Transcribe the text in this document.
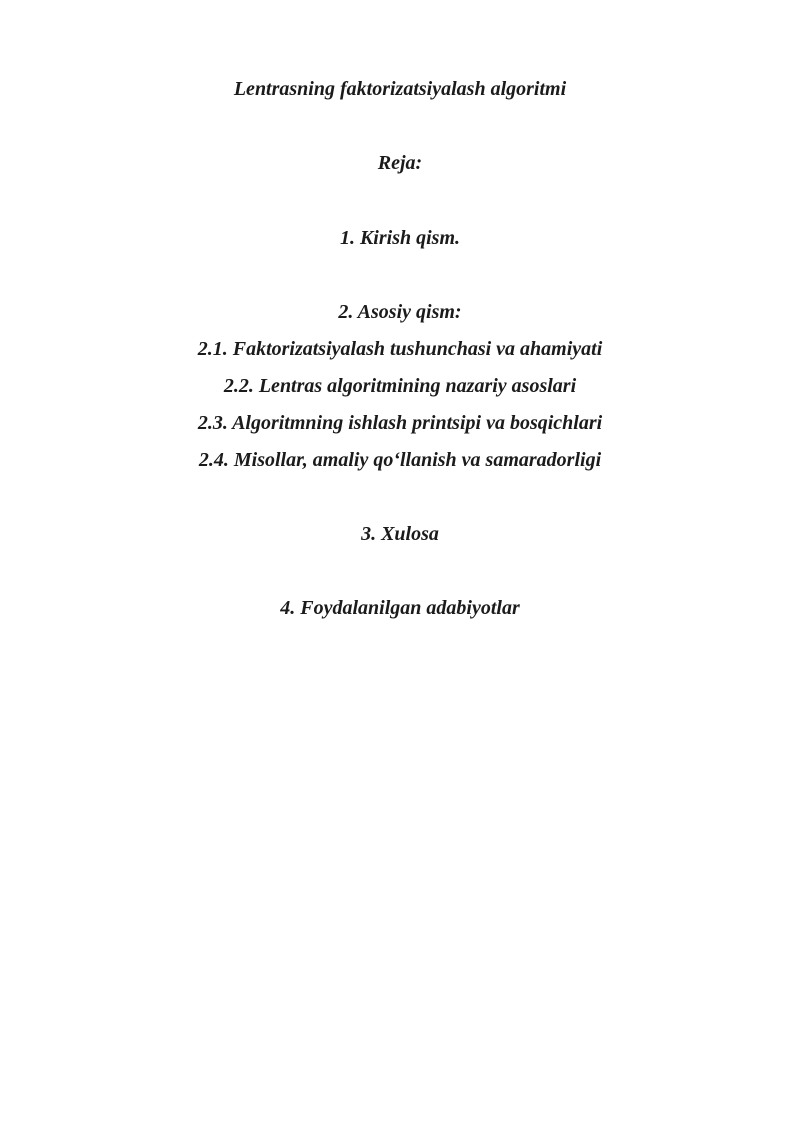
Lentrasning faktorizatsiyalash algoritmi
Reja:
1. Kirish qism.
2. Asosiy qism:
2.1. Faktorizatsiyalash tushunchasi va ahamiyati
2.2. Lentras algoritmining nazariy asoslari
2.3. Algoritmning ishlash printsipi va bosqichlari
2.4. Misollar, amaliy qo‘llanish va samaradorligi
3. Xulosa
4. Foydalanilgan adabiyotlar
